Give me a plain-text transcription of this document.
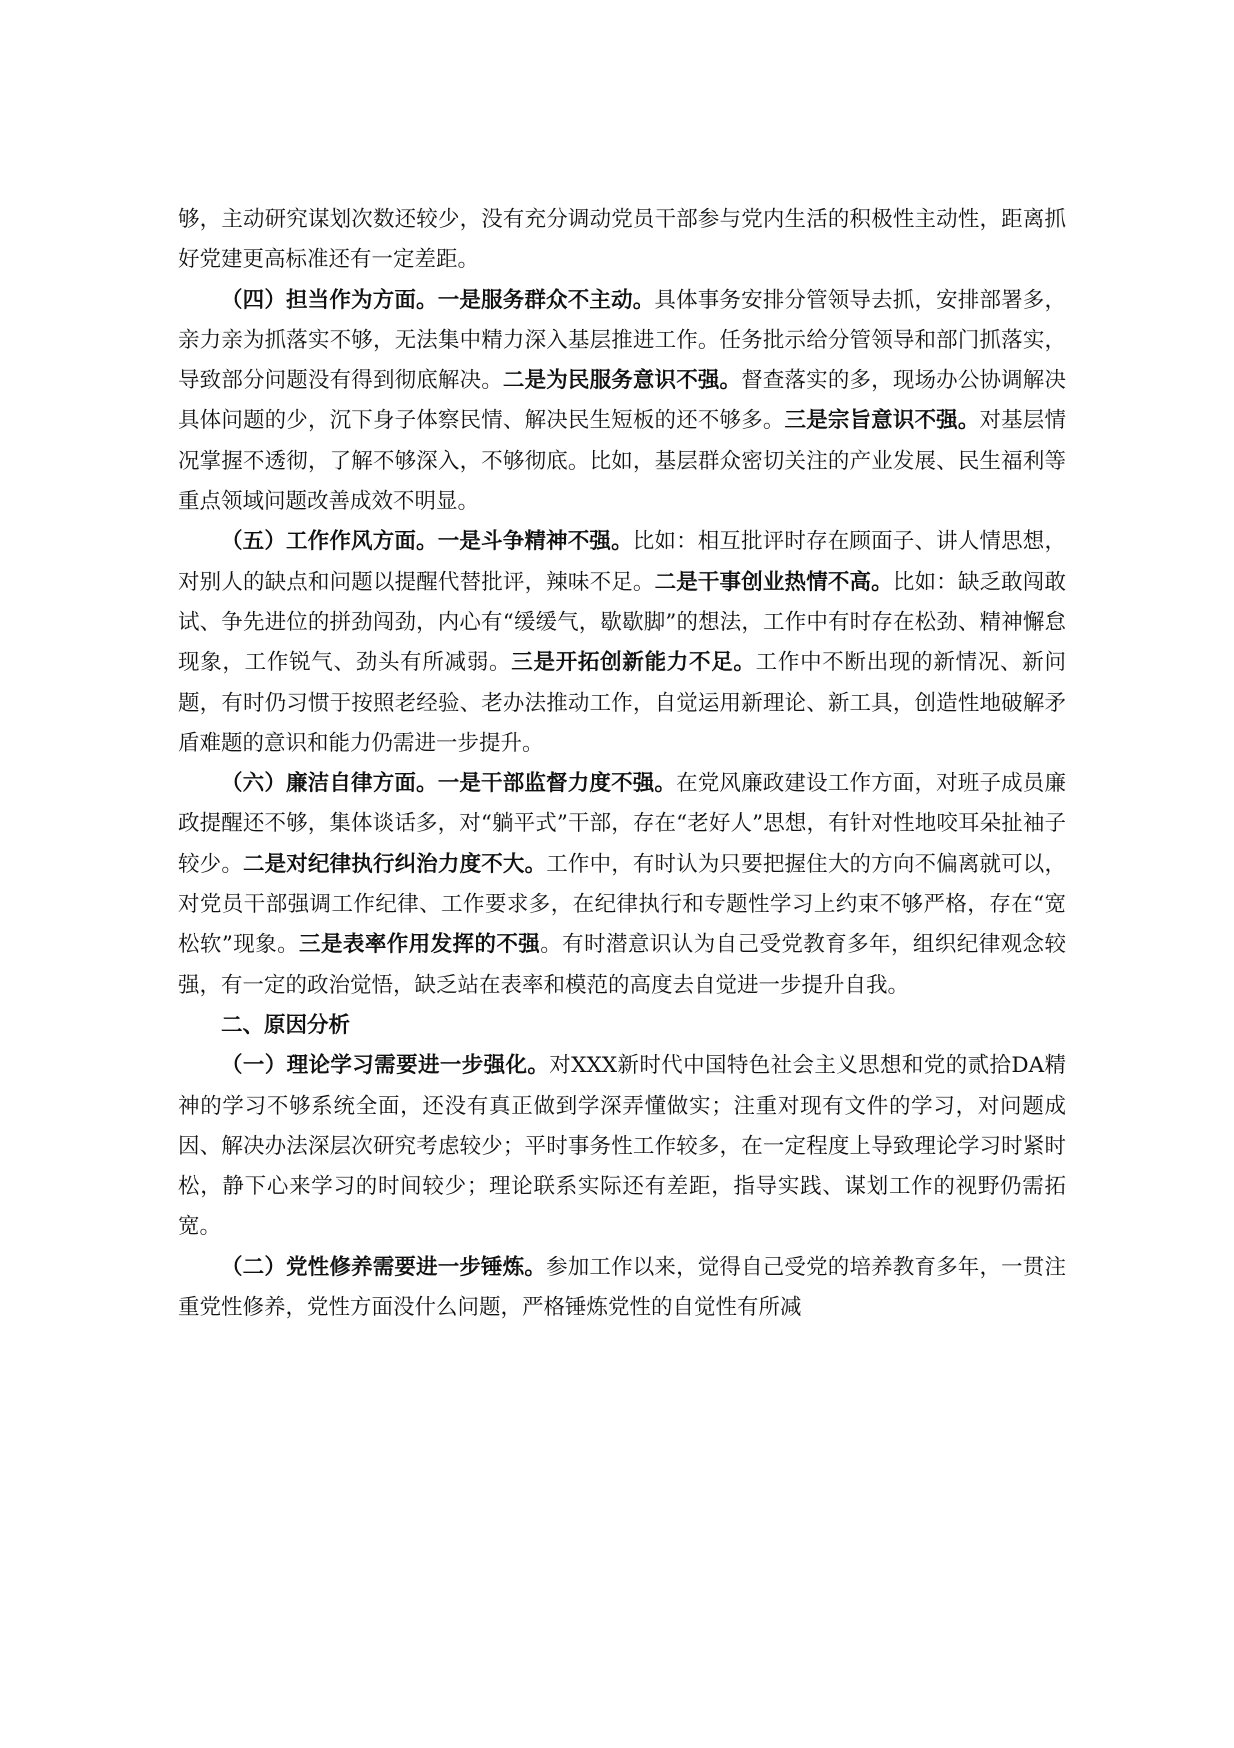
够，主动研究谋划次数还较少，没有充分调动党员干部参与党内生活的积极性主动性，距离抓好党建更高标准还有一定差距。

（四）担当作为方面。一是服务群众不主动。具体事务安排分管领导去抓，安排部署多，亲力亲为抓落实不够，无法集中精力深入基层推进工作。任务批示给分管领导和部门抓落实，导致部分问题没有得到彻底解决。二是为民服务意识不强。督查落实的多，现场办公协调解决具体问题的少，沉下身子体察民情、解决民生短板的还不够多。三是宗旨意识不强。对基层情况掌握不透彻，了解不够深入，不够彻底。比如，基层群众密切关注的产业发展、民生福利等重点领域问题改善成效不明显。

（五）工作作风方面。一是斗争精神不强。比如：相互批评时存在顾面子、讲人情思想，对别人的缺点和问题以提醒代替批评，辣味不足。二是干事创业热情不高。比如：缺乏敢闯敢试、争先进位的拼劲闯劲，内心有“缓缓气，歇歇脚”的想法，工作中有时存在松劲、精神懈怠现象，工作锐气、劲头有所减弱。三是开拓创新能力不足。工作中不断出现的新情况、新问题，有时仍习惯于按照老经验、老办法推动工作，自觉运用新理论、新工具，创造性地破解矛盾难题的意识和能力仍需进一步提升。

（六）廉洁自律方面。一是干部监督力度不强。在党风廉政建设工作方面，对班子成员廉政提醒还不够，集体谈话多，对“躺平式”干部，存在“老好人”思想，有针对性地咬耳朵扯袖子较少。二是对纪律执行纠治力度不大。工作中，有时认为只要把握住大的方向不偏离就可以，对党员干部强调工作纪律、工作要求多，在纪律执行和专题性学习上约束不够严格，存在“宽松软”现象。三是表率作用发挥的不强。有时潜意识认为自己受党教育多年，组织纪律观念较强，有一定的政治觉悟，缺乏站在表率和模范的高度去自觉进一步提升自我。

二、原因分析

（一）理论学习需要进一步强化。对XXX新时代中国特色社会主义思想和党的贰拾DA精神的学习不够系统全面，还没有真正做到学深弄懂做实；注重对现有文件的学习，对问题成因、解决办法深层次研究考虑较少；平时事务性工作较多，在一定程度上导致理论学习时紧时松，静下心来学习的时间较少；理论联系实际还有差距，指导实践、谋划工作的视野仍需拓宽。

（二）党性修养需要进一步锤炼。参加工作以来，觉得自己受党的培养教育多年，一贯注重党性修养，党性方面没什么问题，严格锤炼党性的自觉性有所减
